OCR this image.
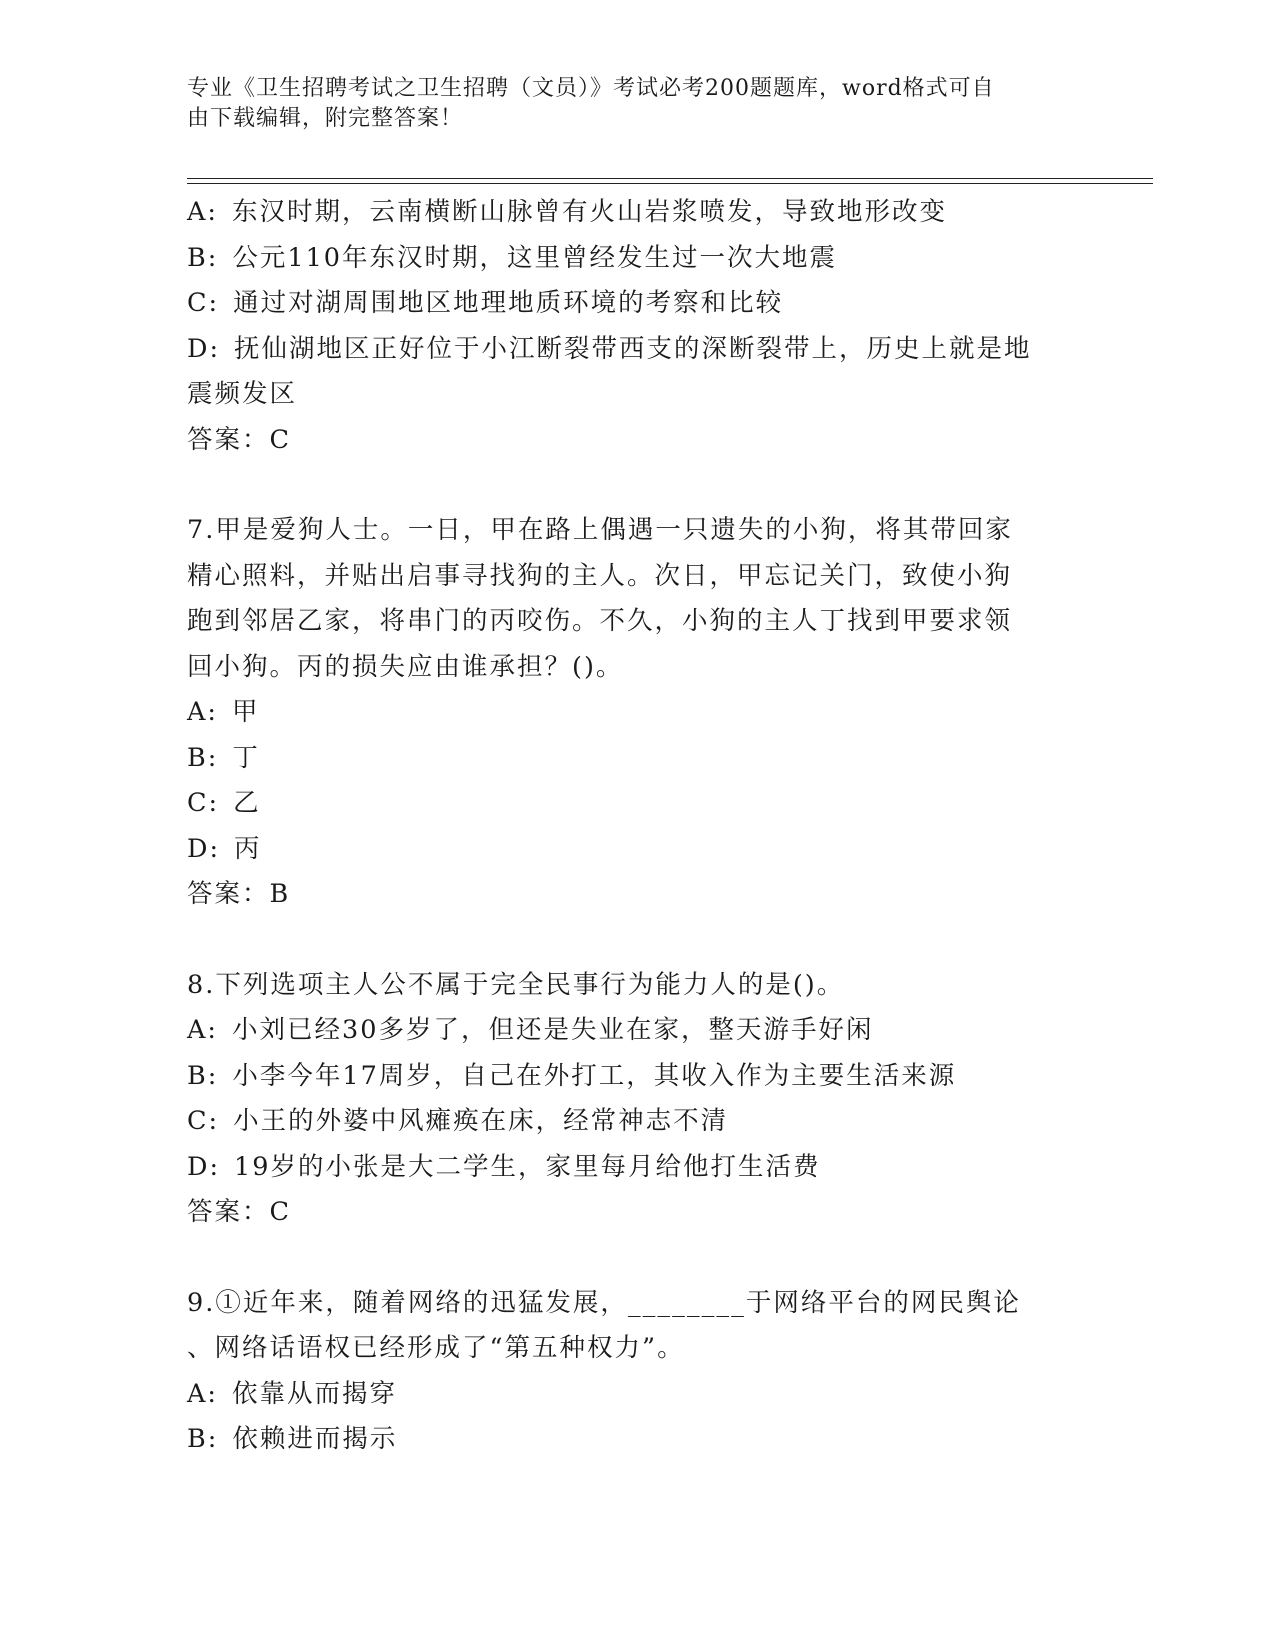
专业《卫生招聘考试之卫生招聘（文员）》考试必考200题题库，word格式可自
由下载编辑，附完整答案！
A: 东汉时期，云南横断山脉曾有火山岩浆喷发，导致地形改变
B: 公元110年东汉时期，这里曾经发生过一次大地震
C: 通过对湖周围地区地理地质环境的考察和比较
D: 抚仙湖地区正好位于小江断裂带西支的深断裂带上，历史上就是地
震频发区
答案：C
7.甲是爱狗人士。一日，甲在路上偶遇一只遗失的小狗，将其带回家
精心照料，并贴出启事寻找狗的主人。次日，甲忘记关门，致使小狗
跑到邻居乙家，将串门的丙咬伤。不久，小狗的主人丁找到甲要求领
回小狗。丙的损失应由谁承担？()。
A: 甲
B: 丁
C: 乙
D: 丙
答案：B
8.下列选项主人公不属于完全民事行为能力人的是()。
A: 小刘已经30多岁了，但还是失业在家，整天游手好闲
B: 小李今年17周岁，自己在外打工，其收入作为主要生活来源
C: 小王的外婆中风瘫痪在床，经常神志不清
D: 19岁的小张是大二学生，家里每月给他打生活费
答案：C
9.①近年来，随着网络的迅猛发展，________于网络平台的网民舆论
、网络话语权已经形成了“第五种权力”。
A: 依靠从而揭穿
B: 依赖进而揭示
